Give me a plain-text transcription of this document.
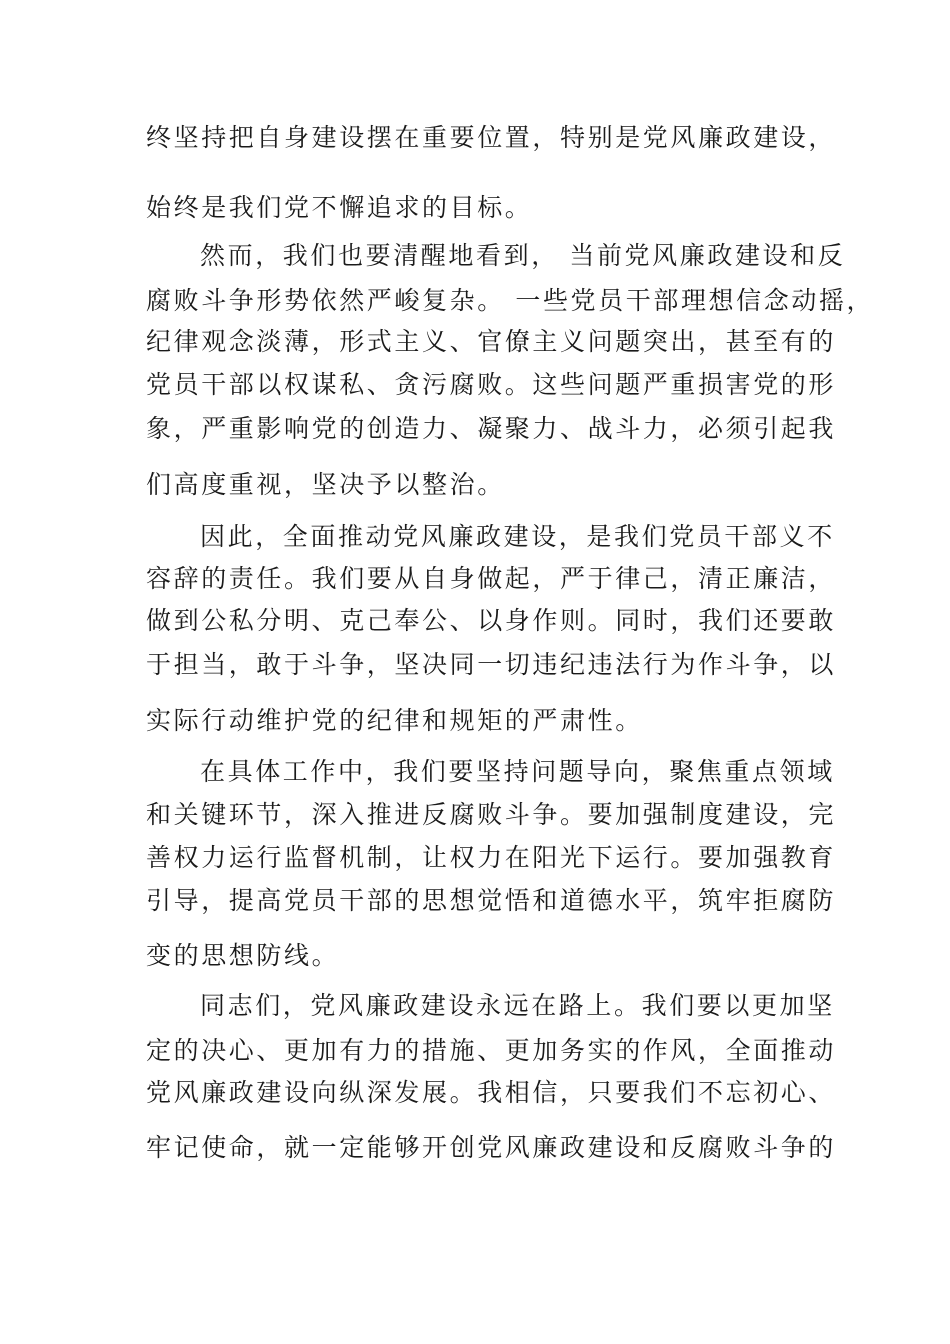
终坚持把自身建设摆在重要位置，特别是党风廉政建设，
始终是我们党不懈追求的目标。
然而，我们也要清醒地看到， 当前党风廉政建设和反
腐败斗争形势依然严峻复杂。 一些党员干部理想信念动摇，
纪律观念淡薄，形式主义、官僚主义问题突出，甚至有的
党员干部以权谋私、贪污腐败。这些问题严重损害党的形
象，严重影响党的创造力、凝聚力、战斗力，必须引起我
们高度重视，坚决予以整治。
因此，全面推动党风廉政建设，是我们党员干部义不
容辞的责任。我们要从自身做起，严于律己，清正廉洁，
做到公私分明、克己奉公、以身作则。同时，我们还要敢
于担当，敢于斗争，坚决同一切违纪违法行为作斗争，以
实际行动维护党的纪律和规矩的严肃性。
在具体工作中，我们要坚持问题导向，聚焦重点领域
和关键环节，深入推进反腐败斗争。要加强制度建设，完
善权力运行监督机制，让权力在阳光下运行。要加强教育
引导，提高党员干部的思想觉悟和道德水平，筑牢拒腐防
变的思想防线。
同志们，党风廉政建设永远在路上。我们要以更加坚
定的决心、更加有力的措施、更加务实的作风，全面推动
党风廉政建设向纵深发展。我相信，只要我们不忘初心、
牢记使命，就一定能够开创党风廉政建设和反腐败斗争的
